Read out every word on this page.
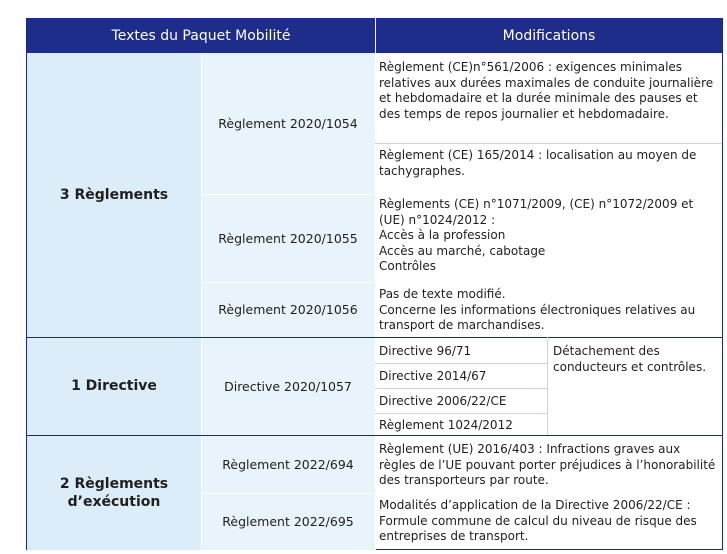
Textes du Paquet Mobilité	Modifications
3 Règlements
Règlement 2020/1054
Règlement (CE)n°561/2006 : exigences minimales relatives aux durées maximales de conduite journalière et hebdomadaire et la durée minimale des pauses et des temps de repos journalier et hebdomadaire.
Règlement (CE) 165/2014 : localisation au moyen de tachygraphes.
Règlement 2020/1055
Règlements (CE) n°1071/2009, (CE) n°1072/2009 et (UE) n°1024/2012 :
Accès à la profession
Accès au marché, cabotage
Contrôles
Règlement 2020/1056
Pas de texte modifié.
Concerne les informations électroniques relatives au transport de marchandises.
1 Directive	Directive 2020/1057
Directive 96/71
Directive 2014/67
Directive 2006/22/CE
Règlement 1024/2012
Détachement des conducteurs et contrôles.
2 Règlements
d’exécution
Règlement 2022/694
Règlement (UE) 2016/403 : Infractions graves aux règles de l’UE pouvant porter préjudices à l’honorabilité des transporteurs par route.
Règlement 2022/695
Modalités d’application de la Directive 2006/22/CE : Formule commune de calcul du niveau de risque des entreprises de transport.
